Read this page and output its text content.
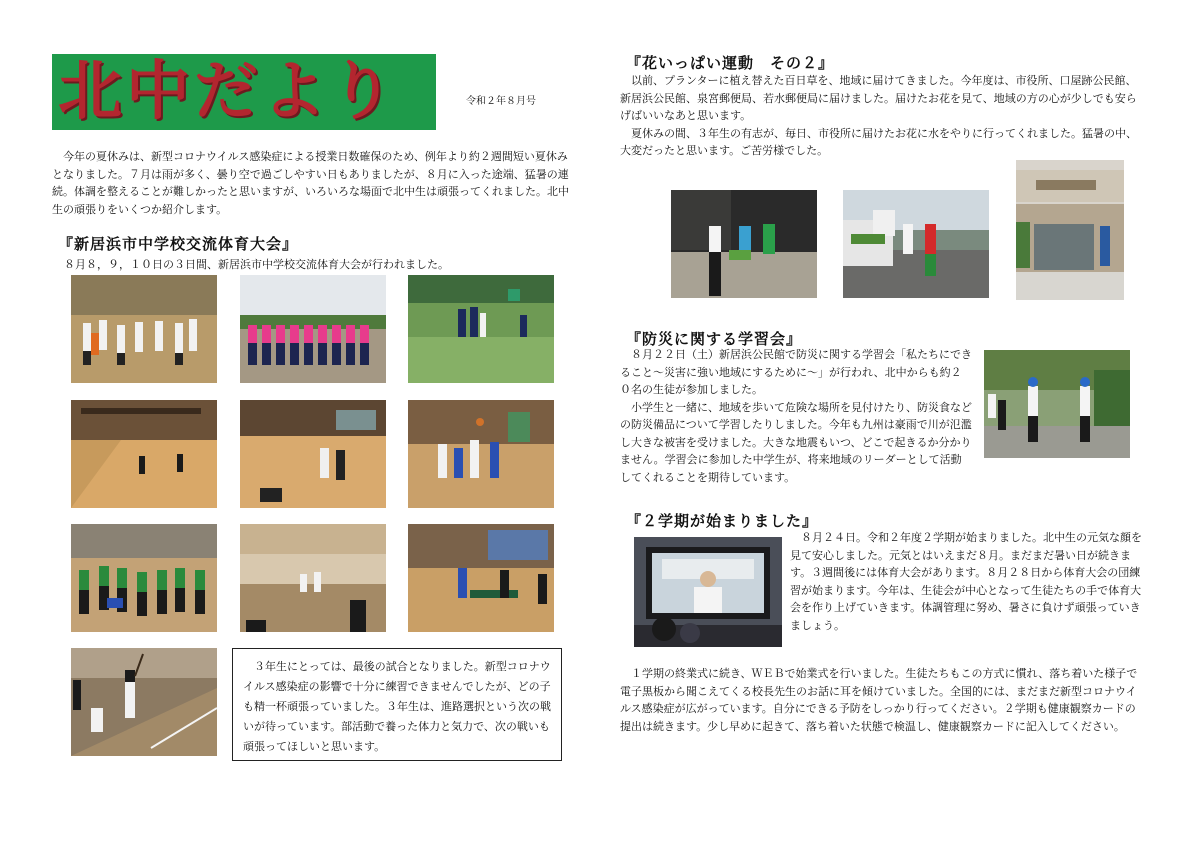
北中だより	令和２年８月号

今年の夏休みは、新型コロナウイルス感染症による授業日数確保のため、例年より約２週間短い夏休みとなりました。７月は雨が多く、曇り空で過ごしやすい日もありましたが、８月に入った途端、猛暑の連続。体調を整えることが難しかったと思いますが、いろいろな場面で北中生は頑張ってくれました。北中生の頑張りをいくつか紹介します。

『新居浜市中学校交流体育大会』
８月８，９，１０日の３日間、新居浜市中学校交流体育大会が行われました。

３年生にとっては、最後の試合となりました。新型コロナウイルス感染症の影響で十分に練習できませんでしたが、どの子も精一杯頑張っていました。３年生は、進路選択という次の戦いが待っています。部活動で養った体力と気力で、次の戦いも頑張ってほしいと思います。

『花いっぱい運動　その２』

以前、プランターに植え替えた百日草を、地域に届けてきました。今年度は、市役所、口屋跡公民館、新居浜公民館、泉宮郵便局、若水郵便局に届けました。届けたお花を見て、地域の方の心が少しでも安らげばいいなあと思います。

夏休みの間、３年生の有志が、毎日、市役所に届けたお花に水をやりに行ってくれました。猛暑の中、大変だったと思います。ご苦労様でした。

『防災に関する学習会』

８月２２日（土）新居浜公民館で防災に関する学習会「私たちにできること～災害に強い地域にするために～」が行われ、北中からも約２０名の生徒が参加しました。

小学生と一緒に、地域を歩いて危険な場所を見付けたり、防災食などの防災備品について学習したりしました。今年も九州は豪雨で川が氾濫し大きな被害を受けました。大きな地震もいつ、どこで起きるか分かりません。学習会に参加した中学生が、将来地域のリーダーとして活動してくれることを期待しています。

『２学期が始まりました』

８月２４日。令和２年度２学期が始まりました。北中生の元気な顔を見て安心しました。元気とはいえまだ８月。まだまだ暑い日が続きます。３週間後には体育大会があります。８月２８日から体育大会の団練習が始まります。今年は、生徒会が中心となって生徒たちの手で体育大会を作り上げていきます。体調管理に努め、暑さに負けず頑張っていきましょう。

１学期の終業式に続き、ＷＥＢで始業式を行いました。生徒たちもこの方式に慣れ、落ち着いた様子で電子黒板から聞こえてくる校長先生のお話に耳を傾けていました。全国的には、まだまだ新型コロナウイルス感染症が広がっています。自分にできる予防をしっかり行ってください。２学期も健康観察カードの提出は続きます。少し早めに起きて、落ち着いた状態で検温し、健康観察カードに記入してください。
